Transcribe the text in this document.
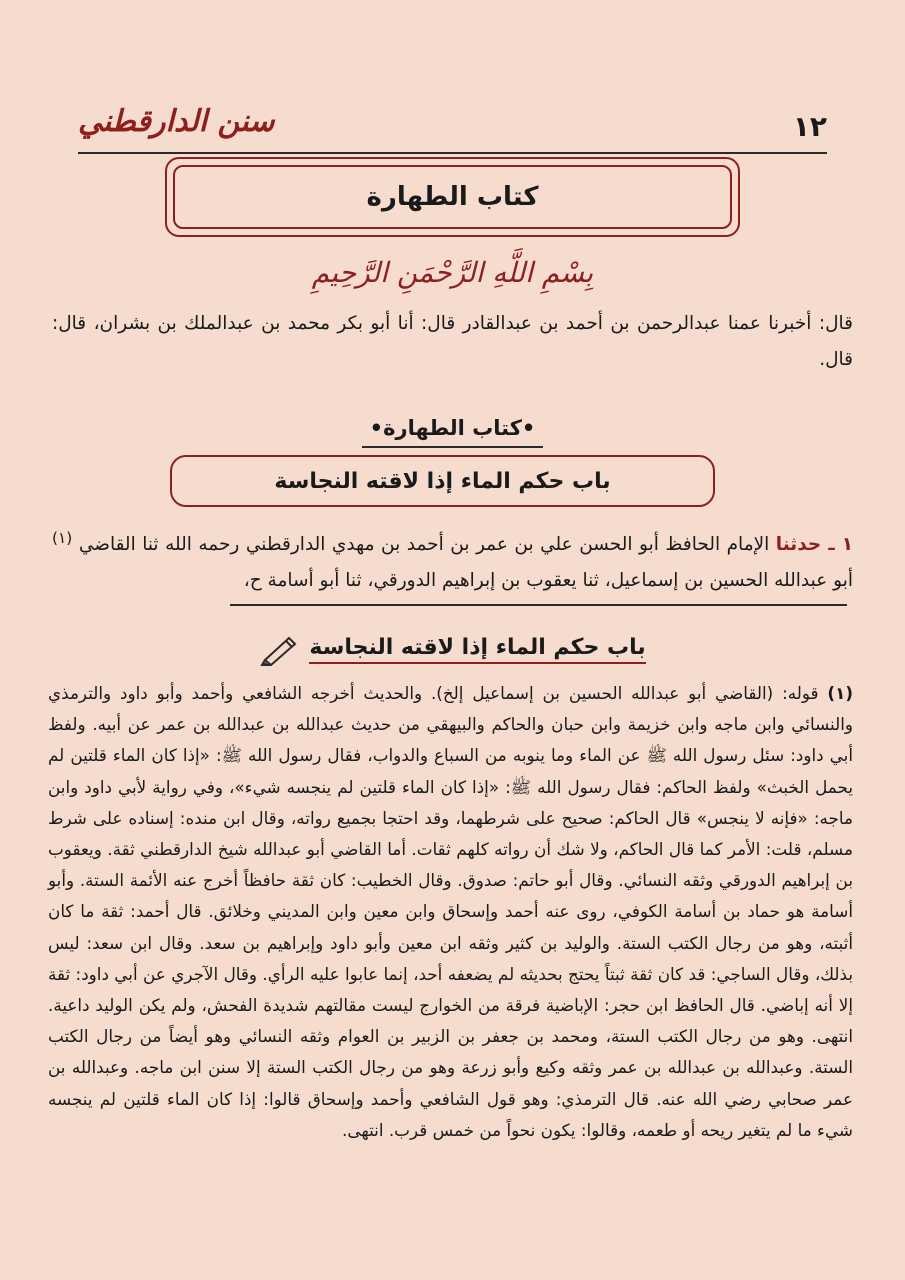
١٢
سنن الدارقطني
كتاب الطهارة
بِسْمِ اللَّهِ الرَّحْمَنِ الرَّحِيمِ

قال: أخبرنا عمنا عبدالرحمن بن أحمد بن عبدالقادر قال: أنا أبو بكر محمد بن عبدالملك بن بشران، قال: قال.

•كتاب الطهارة•
باب حكم الماء إذا لاقته النجاسة

١ ـ حدثنا الإمام الحافظ أبو الحسن علي بن عمر بن أحمد بن مهدي الدارقطني رحمه الله ثنا القاضي $^{(١)}$ أبو عبدالله الحسين بن إسماعيل، ثنا يعقوب بن إبراهيم الدورقي، ثنا أبو أسامة ح،

باب حكم الماء إذا لاقته النجاسة

(١) قوله: (القاضي أبو عبدالله الحسين بن إسماعيل إلخ). والحديث أخرجه الشافعي وأحمد وأبو داود والترمذي والنسائي وابن ماجه وابن خزيمة وابن حبان والحاكم والبيهقي من حديث عبدالله بن عبدالله بن عمر عن أبيه. ولفظ أبي داود: سئل رسول الله ﷺ عن الماء وما ينوبه من السباع والدواب، فقال رسول الله ﷺ: «إذا كان الماء قلتين لم يحمل الخبث» ولفظ الحاكم: فقال رسول الله ﷺ: «إذا كان الماء قلتين لم ينجسه شيء»، وفي رواية لأبي داود وابن ماجه: «فإنه لا ينجس» قال الحاكم: صحيح على شرطهما، وقد احتجا بجميع رواته، وقال ابن منده: إسناده على شرط مسلم، قلت: الأمر كما قال الحاكم، ولا شك أن رواته كلهم ثقات. أما القاضي أبو عبدالله شيخ الدارقطني ثقة. ويعقوب بن إبراهيم الدورقي وثقه النسائي. وقال أبو حاتم: صدوق. وقال الخطيب: كان ثقة حافظاً أخرج عنه الأئمة الستة. وأبو أسامة هو حماد بن أسامة الكوفي، روى عنه أحمد وإسحاق وابن معين وابن المديني وخلائق. قال أحمد: ثقة ما كان أثبته، وهو من رجال الكتب الستة. والوليد بن كثير وثقه ابن معين وأبو داود وإبراهيم بن سعد. وقال ابن سعد: ليس بذلك، وقال الساجي: قد كان ثقة ثبتاً يحتج بحديثه لم يضعفه أحد، إنما عابوا عليه الرأي. وقال الآجري عن أبي داود: ثقة إلا أنه إباضي. قال الحافظ ابن حجر: الإباضية فرقة من الخوارج ليست مقالتهم شديدة الفحش، ولم يكن الوليد داعية. انتهى. وهو من رجال الكتب الستة، ومحمد بن جعفر بن الزبير بن العوام وثقه النسائي وهو أيضاً من رجال الكتب الستة. وعبدالله بن عبدالله بن عمر وثقه وكيع وأبو زرعة وهو من رجال الكتب الستة إلا سنن ابن ماجه. وعبدالله بن عمر صحابي رضي الله عنه. قال الترمذي: وهو قول الشافعي وأحمد وإسحاق قالوا: إذا كان الماء قلتين لم ينجسه شيء ما لم يتغير ريحه أو طعمه، وقالوا: يكون نحواً من خمس قرب. انتهى.
